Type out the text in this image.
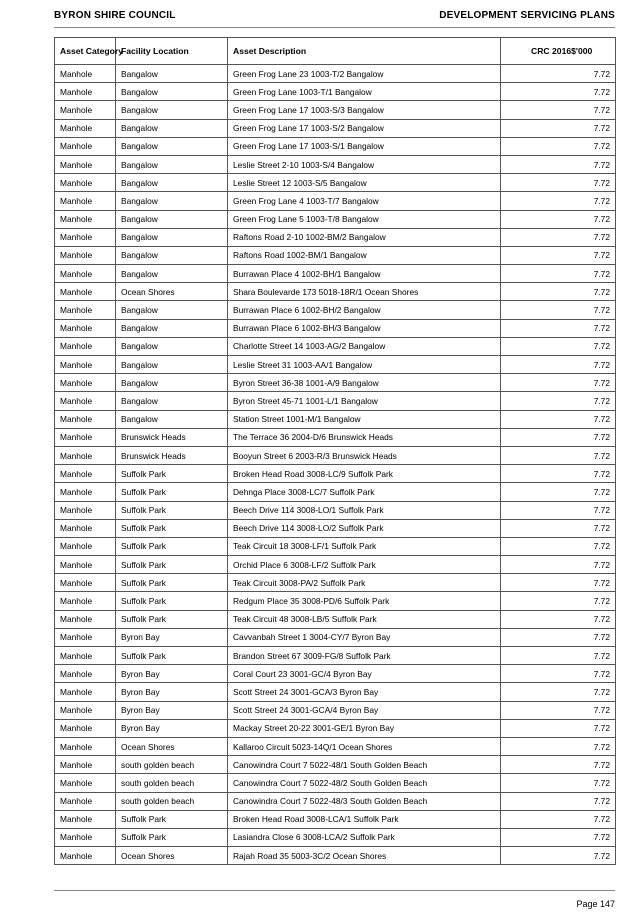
BYRON SHIRE COUNCIL	DEVELOPMENT SERVICING PLANS
Asset Category	Facility Location	Asset Description	CRC 2016$'000
Manhole	Bangalow	Green Frog Lane 23 1003-T/2 Bangalow	7.72
Manhole	Bangalow	Green Frog Lane 1003-T/1 Bangalow	7.72
Manhole	Bangalow	Green Frog Lane 17 1003-S/3 Bangalow	7.72
Manhole	Bangalow	Green Frog Lane 17 1003-S/2 Bangalow	7.72
Manhole	Bangalow	Green Frog Lane 17 1003-S/1 Bangalow	7.72
Manhole	Bangalow	Leslie Street 2-10 1003-S/4 Bangalow	7.72
Manhole	Bangalow	Leslie Street 12 1003-S/5 Bangalow	7.72
Manhole	Bangalow	Green Frog Lane 4 1003-T/7 Bangalow	7.72
Manhole	Bangalow	Green Frog Lane 5 1003-T/8 Bangalow	7.72
Manhole	Bangalow	Raftons Road 2-10 1002-BM/2 Bangalow	7.72
Manhole	Bangalow	Raftons Road 1002-BM/1 Bangalow	7.72
Manhole	Bangalow	Burrawan Place 4 1002-BH/1 Bangalow	7.72
Manhole	Ocean Shores	Shara Boulevarde 173 5018-18R/1 Ocean Shores	7.72
Manhole	Bangalow	Burrawan Place 6 1002-BH/2 Bangalow	7.72
Manhole	Bangalow	Burrawan Place 6 1002-BH/3 Bangalow	7.72
Manhole	Bangalow	Charlotte Street 14 1003-AG/2 Bangalow	7.72
Manhole	Bangalow	Leslie Street 31 1003-AA/1 Bangalow	7.72
Manhole	Bangalow	Byron Street 36-38 1001-A/9 Bangalow	7.72
Manhole	Bangalow	Byron Street 45-71 1001-L/1 Bangalow	7.72
Manhole	Bangalow	Station Street 1001-M/1 Bangalow	7.72
Manhole	Brunswick Heads	The Terrace 36 2004-D/6 Brunswick Heads	7.72
Manhole	Brunswick Heads	Booyun Street 6 2003-R/3 Brunswick Heads	7.72
Manhole	Suffolk Park	Broken Head Road 3008-LC/9 Suffolk Park	7.72
Manhole	Suffolk Park	Dehnga Place 3008-LC/7 Suffolk Park	7.72
Manhole	Suffolk Park	Beech Drive 114 3008-LO/1 Suffolk Park	7.72
Manhole	Suffolk Park	Beech Drive 114 3008-LO/2 Suffolk Park	7.72
Manhole	Suffolk Park	Teak Circuit 18 3008-LF/1 Suffolk Park	7.72
Manhole	Suffolk Park	Orchid Place 6 3008-LF/2 Suffolk Park	7.72
Manhole	Suffolk Park	Teak Circuit 3008-PA/2 Suffolk Park	7.72
Manhole	Suffolk Park	Redgum Place 35 3008-PD/6 Suffolk Park	7.72
Manhole	Suffolk Park	Teak Circuit 48 3008-LB/5 Suffolk Park	7.72
Manhole	Byron Bay	Cavvanbah Street 1 3004-CY/7 Byron Bay	7.72
Manhole	Suffolk Park	Brandon Street 67 3009-FG/8 Suffolk Park	7.72
Manhole	Byron Bay	Coral Court 23 3001-GC/4 Byron Bay	7.72
Manhole	Byron Bay	Scott Street 24 3001-GCA/3 Byron Bay	7.72
Manhole	Byron Bay	Scott Street 24 3001-GCA/4 Byron Bay	7.72
Manhole	Byron Bay	Mackay Street 20-22 3001-GE/1 Byron Bay	7.72
Manhole	Ocean Shores	Kallaroo Circuit 5023-14Q/1 Ocean Shores	7.72
Manhole	south golden beach	Canowindra Court 7 5022-48/1 South Golden Beach	7.72
Manhole	south golden beach	Canowindra Court 7 5022-48/2 South Golden Beach	7.72
Manhole	south golden beach	Canowindra Court 7 5022-48/3 South Golden Beach	7.72
Manhole	Suffolk Park	Broken Head Road 3008-LCA/1 Suffolk Park	7.72
Manhole	Suffolk Park	Lasiandra Close 6 3008-LCA/2 Suffolk Park	7.72
Manhole	Ocean Shores	Rajah Road 35 5003-3C/2 Ocean Shores	7.72
Page 147
